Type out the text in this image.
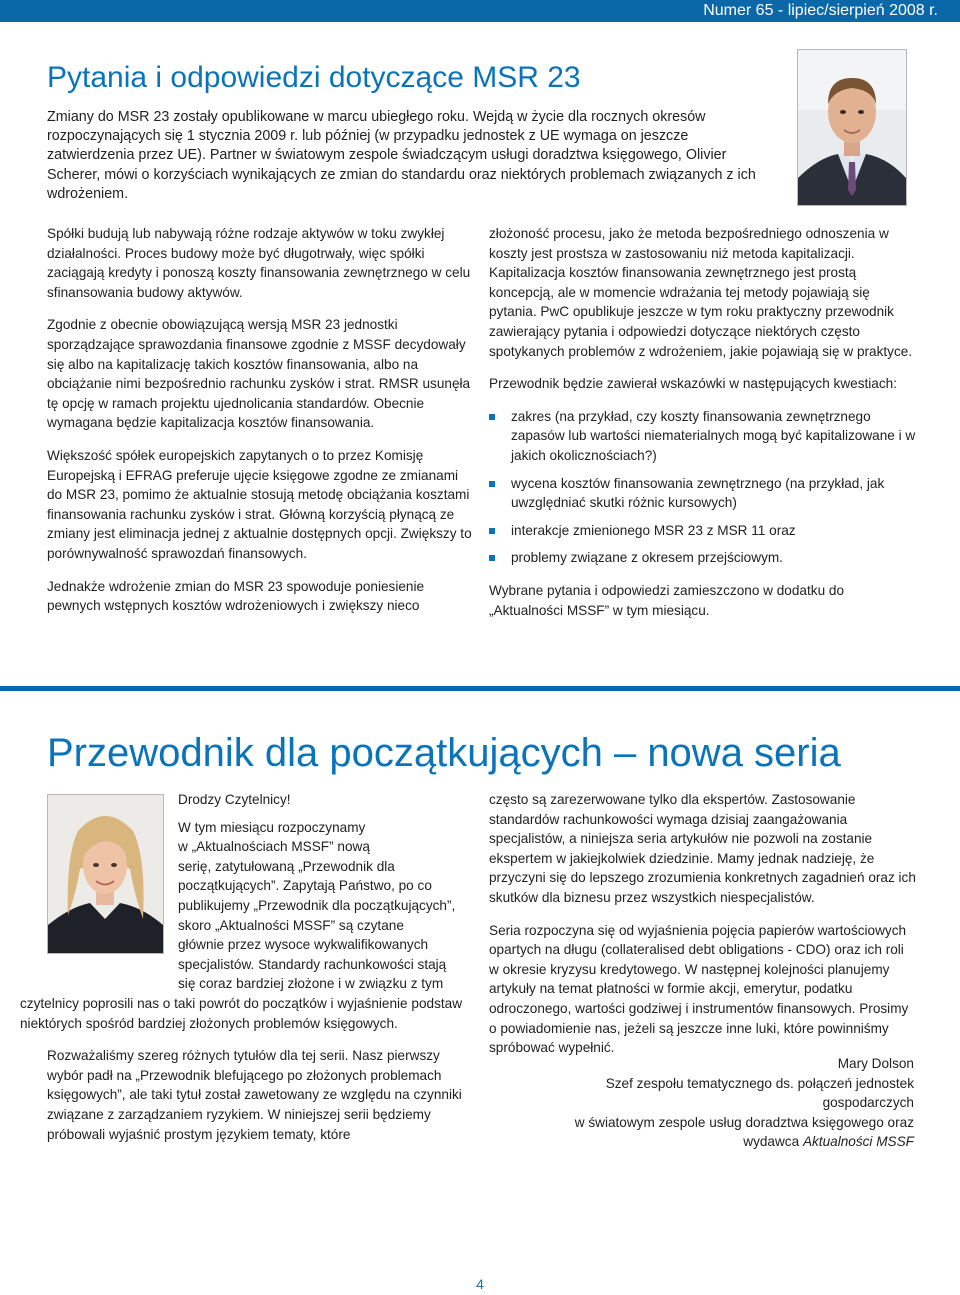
Numer 65 - lipiec/sierpień 2008 r.
Pytania i odpowiedzi dotyczące MSR 23
Zmiany do MSR 23 zostały opublikowane w marcu ubiegłego roku. Wejdą w życie dla rocznych okresów rozpoczynających się 1 stycznia 2009 r. lub później (w przypadku jednostek z UE wymaga on jeszcze zatwierdzenia przez UE). Partner w światowym zespole świadczącym usługi doradztwa księgowego, Olivier Scherer, mówi o korzyściach wynikających ze zmian do standardu oraz niektórych problemach związanych z ich wdrożeniem.

Spółki budują lub nabywają różne rodzaje aktywów w toku zwykłej działalności. Proces budowy może być długotrwały, więc spółki zaciągają kredyty i ponoszą koszty finansowania zewnętrznego w celu sfinansowania budowy aktywów.

Zgodnie z obecnie obowiązującą wersją MSR 23 jednostki sporządzające sprawozdania finansowe zgodnie z MSSF decydowały się albo na kapitalizację takich kosztów finansowania, albo na obciążanie nimi bezpośrednio rachunku zysków i strat. RMSR usunęła tę opcję w ramach projektu ujednolicania standardów. Obecnie wymagana będzie kapitalizacja kosztów finansowania.

Większość spółek europejskich zapytanych o to przez Komisję Europejską i EFRAG preferuje ujęcie księgowe zgodne ze zmianami do MSR 23, pomimo że aktualnie stosują metodę obciążania kosztami finansowania rachunku zysków i strat. Główną korzyścią płynącą ze zmiany jest eliminacja jednej z aktualnie dostępnych opcji. Zwiększy to porównywalność sprawozdań finansowych.

Jednakże wdrożenie zmian do MSR 23 spowoduje poniesienie pewnych wstępnych kosztów wdrożeniowych i zwiększy nieco

złożoność procesu, jako że metoda bezpośredniego odnoszenia w koszty jest prostsza w zastosowaniu niż metoda kapitalizacji. Kapitalizacja kosztów finansowania zewnętrznego jest prostą koncepcją, ale w momencie wdrażania tej metody pojawiają się pytania. PwC opublikuje jeszcze w tym roku praktyczny przewodnik zawierający pytania i odpowiedzi dotyczące niektórych często spotykanych problemów z wdrożeniem, jakie pojawiają się w praktyce.

Przewodnik będzie zawierał wskazówki w następujących kwestiach:

zakres (na przykład, czy koszty finansowania zewnętrznego zapasów lub wartości niematerialnych mogą być kapitalizowane i w jakich okolicznościach?)
wycena kosztów finansowania zewnętrznego (na przykład, jak uwzględniać skutki różnic kursowych)
interakcje zmienionego MSR 23 z MSR 11 oraz
problemy związane z okresem przejściowym.

Wybrane pytania i odpowiedzi zamieszczono w dodatku do „Aktualności MSSF” w tym miesiącu.

Przewodnik dla początkujących – nowa seria
Drodzy Czytelnicy!
W tym miesiącu rozpoczynamy
w „Aktualnościach MSSF” nową
serię, zatytułowaną „Przewodnik dla
początkujących”. Zapytają Państwo, po co
publikujemy „Przewodnik dla początkujących”,
skoro „Aktualności MSSF” są czytane
głównie przez wysoce wykwalifikowanych
specjalistów. Standardy rachunkowości stają
się coraz bardziej złożone i w związku z tym

czytelnicy poprosili nas o taki powrót do początków i wyjaśnienie podstaw niektórych spośród bardziej złożonych problemów księgowych.

Rozważaliśmy szereg różnych tytułów dla tej serii. Nasz pierwszy wybór padł na „Przewodnik blefującego po złożonych problemach księgowych”, ale taki tytuł został zawetowany ze względu na czynniki związane z zarządzaniem ryzykiem. W niniejszej serii będziemy próbowali wyjaśnić prostym językiem tematy, które

często są zarezerwowane tylko dla ekspertów. Zastosowanie standardów rachunkowości wymaga dzisiaj zaangażowania specjalistów, a niniejsza seria artykułów nie pozwoli na zostanie ekspertem w jakiejkolwiek dziedzinie. Mamy jednak nadzieję, że przyczyni się do lepszego zrozumienia konkretnych zagadnień oraz ich skutków dla biznesu przez wszystkich niespecjalistów.

Seria rozpoczyna się od wyjaśnienia pojęcia papierów wartościowych opartych na długu (collateralised debt obligations - CDO) oraz ich roli w okresie kryzysu kredytowego. W następnej kolejności planujemy artykuły na temat płatności w formie akcji, emerytur, podatku odroczonego, wartości godziwej i instrumentów finansowych. Prosimy o powiadomienie nas, jeżeli są jeszcze inne luki, które powinniśmy spróbować wypełnić.

Mary Dolson
Szef zespołu tematycznego ds. połączeń jednostek
gospodarczych
w światowym zespole usług doradztwa księgowego oraz
wydawca Aktualności MSSF
4
